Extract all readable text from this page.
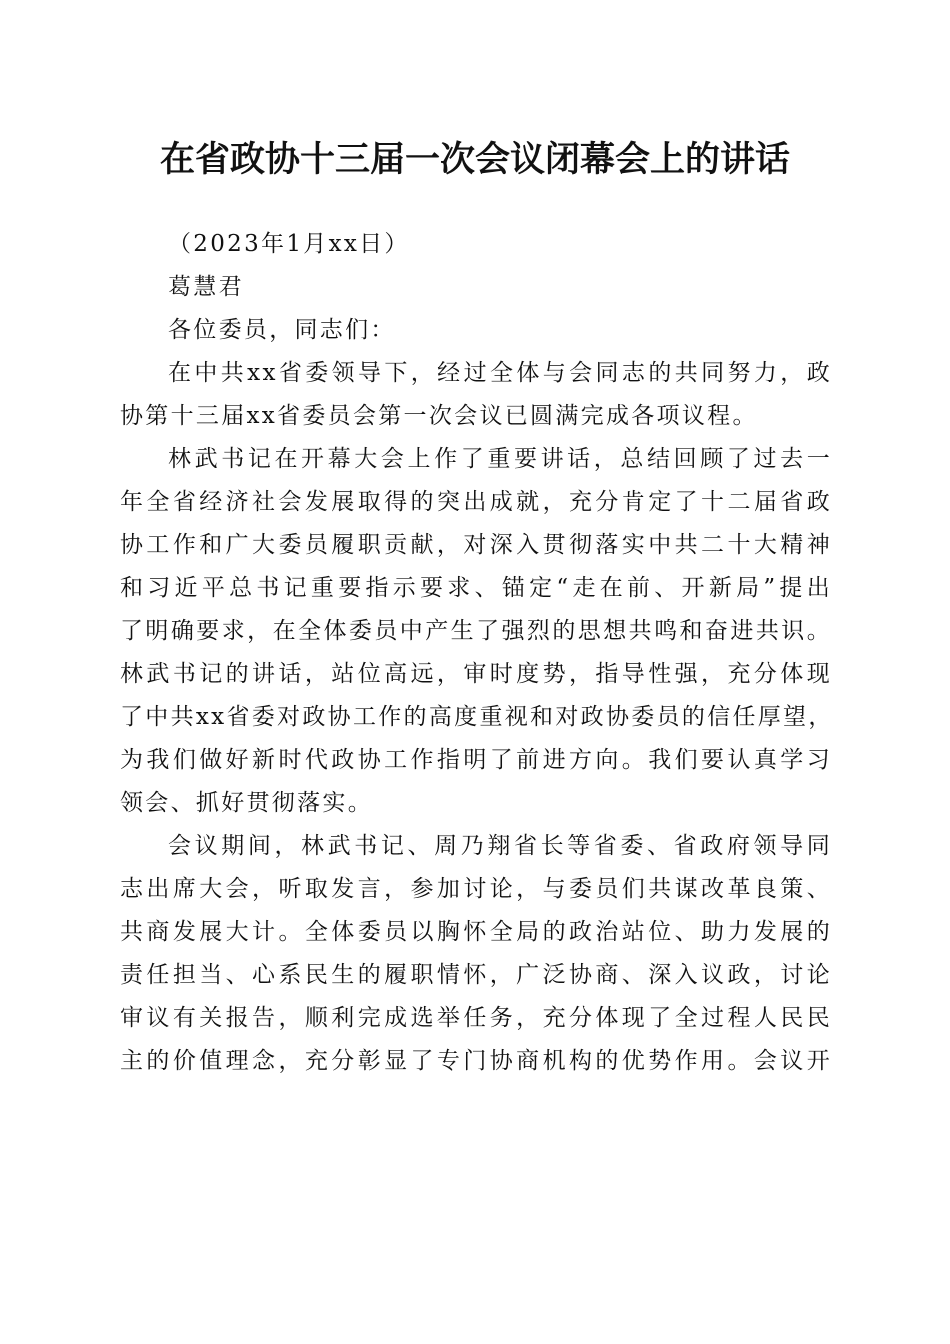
在省政协十三届一次会议闭幕会上的讲话
（2023年1月xx日）
葛慧君
各位委员，同志们：
在中共xx省委领导下，经过全体与会同志的共同努力，政
协第十三届xx省委员会第一次会议已圆满完成各项议程。
林武书记在开幕大会上作了重要讲话，总结回顾了过去一
年全省经济社会发展取得的突出成就，充分肯定了十二届省政
协工作和广大委员履职贡献，对深入贯彻落实中共二十大精神
和习近平总书记重要指示要求、锚定“走在前、开新局”提出
了明确要求，在全体委员中产生了强烈的思想共鸣和奋进共识。
林武书记的讲话，站位高远，审时度势，指导性强，充分体现
了中共xx省委对政协工作的高度重视和对政协委员的信任厚望，
为我们做好新时代政协工作指明了前进方向。我们要认真学习
领会、抓好贯彻落实。
会议期间，林武书记、周乃翔省长等省委、省政府领导同
志出席大会，听取发言，参加讨论，与委员们共谋改革良策、
共商发展大计。全体委员以胸怀全局的政治站位、助力发展的
责任担当、心系民生的履职情怀，广泛协商、深入议政，讨论
审议有关报告，顺利完成选举任务，充分体现了全过程人民民
主的价值理念，充分彰显了专门协商机构的优势作用。会议开
